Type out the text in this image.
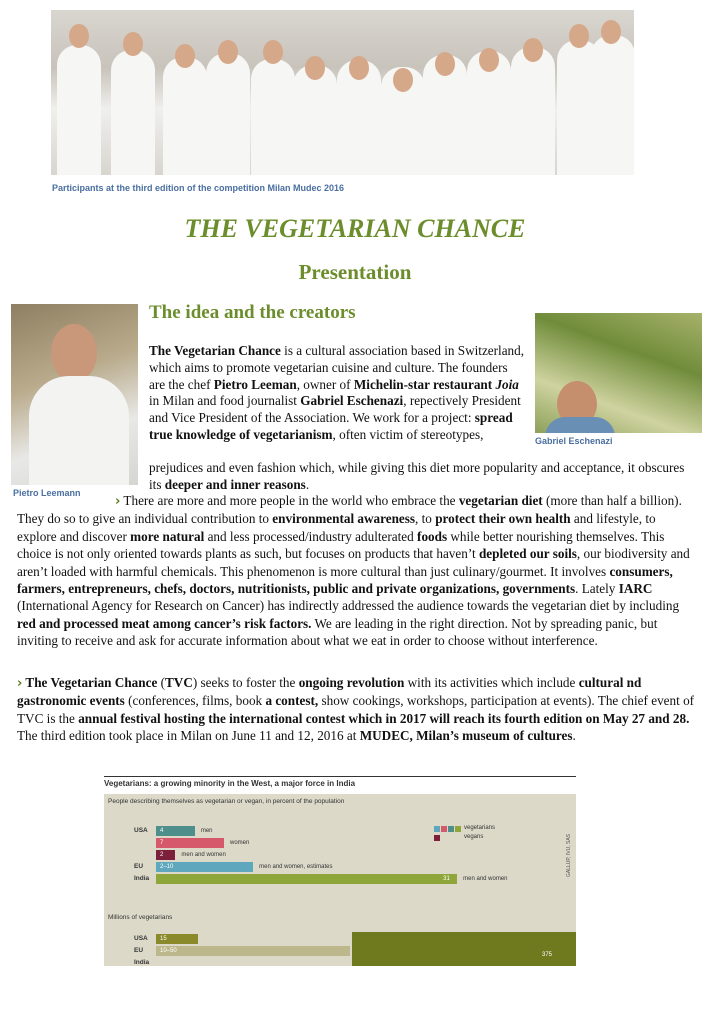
Participants at the third edition of the competition Milan Mudec 2016
THE VEGETARIAN CHANCE
Presentation
The idea and the creators
Pietro Leemann
Gabriel Eschenazi
The Vegetarian Chance is a cultural association based in Switzerland, which aims to promote vegetarian cuisine and culture. The founders are the chef Pietro Leeman, owner of Michelin-star restaurant Joia in Milan and food journalist Gabriel Eschenazi, repectively President and Vice President of the Association. We work for a project: spread true knowledge of vegetarianism, often victim of stereotypes,
prejudices and even fashion which, while giving this diet more popularity and acceptance, it obscures its deeper and inner reasons.
› There are more and more people in the world who embrace the vegetarian diet (more than half a billion). They do so to give an individual contribution to environmental awareness, to protect their own health and lifestyle, to explore and discover more natural and less processed/industry adulterated foods while better nourishing themselves. This choice is not only oriented towards plants as such, but focuses on products that haven’t depleted our soils, our biodiversity and aren’t loaded with harmful chemicals. This phenomenon is more cultural than just culinary/gourmet. It involves consumers, farmers, entrepreneurs, chefs, doctors, nutritionists, public and private organizations, governments. Lately IARC (International Agency for Research on Cancer) has indirectly addressed the audience towards the vegetarian diet by including red and processed meat among cancer’s risk factors. We are leading in the right direction. Not by spreading panic, but inviting to receive and ask for accurate information about what we eat in order to choose without interference.
› The Vegetarian Chance (TVC) seeks to foster the ongoing revolution with its activities which include cultural nd gastronomic events (conferences, films, book a contest, show cookings, workshops, participation at events). The chief event of TVC is the annual festival hosting the international contest which in 2017 will reach its fourth edition on May 27 and 28. The third edition took place in Milan on June 11 and 12, 2016 at MUDEC, Milan’s museum of cultures.
Vegetarians: a growing minority in the West, a major force in India
People describing themselves as vegetarian or vegan, in percent of the population
Millions of vegetarians
GALLUP, IVU, SAS
USA
EU
India
4	men
7	women
2	men and women
2–10	men and women, estimates
31 men and women
vegetarians
vegans
USA 15
EU	10–50
India
375
